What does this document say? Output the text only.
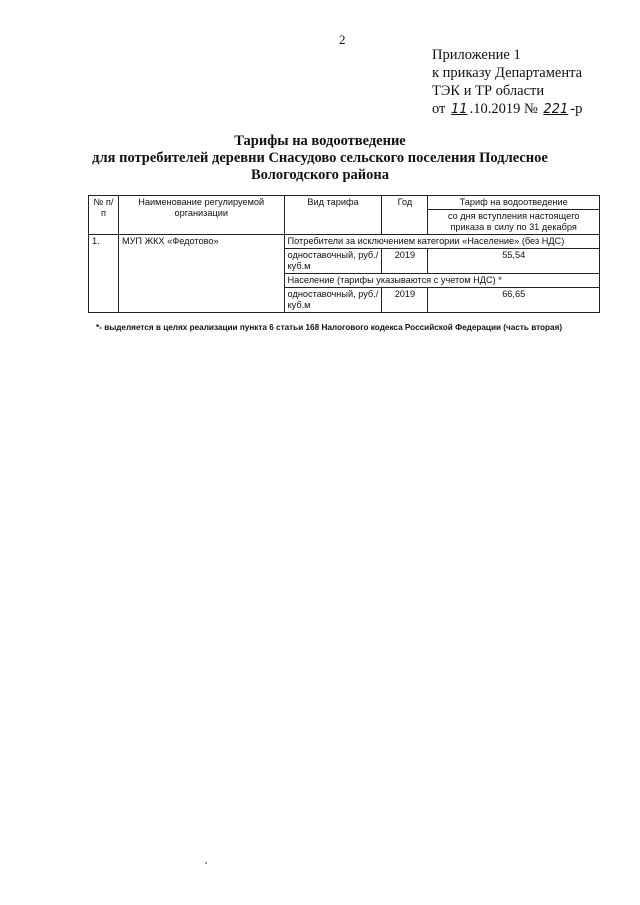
2
Приложение 1
к приказу Департамента
ТЭК и ТР области
от 11 .10.2019 № 221 -р
Тарифы на водоотведение
для потребителей деревни Снасудово сельского поселения Подлесное
Вологодского района
№ п/п	Наименование регулируемой организации	Вид тарифа	Год	Тариф на водоотведение
				со дня вступления настоящего приказа в силу по 31 декабря
1.	МУП ЖКХ «Федотово»	Потребители за исключением категории «Население» (без НДС)		
		одноставочный, руб./куб.м	2019	55,54
		Население (тарифы указываются с учетом НДС) *		
		одноставочный, руб./куб.м	2019	66,65
*- выделяется в целях реализации пункта 6 статьи 168 Налогового кодекса Российской Федерации (часть вторая)
